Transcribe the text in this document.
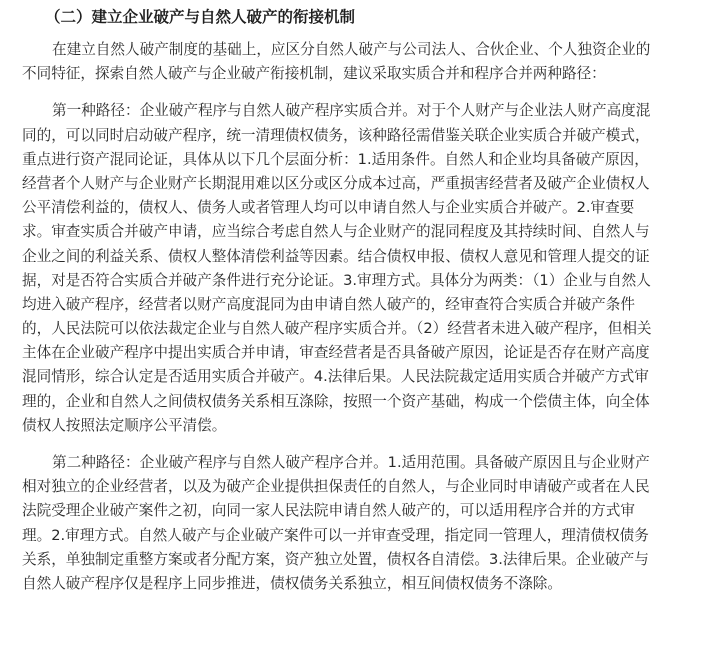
（二）建立企业破产与自然人破产的衔接机制
在建立自然人破产制度的基础上，应区分自然人破产与公司法人、合伙企业、个人独资企业的
不同特征，探索自然人破产与企业破产衔接机制，建议采取实质合并和程序合并两种路径：
第一种路径：企业破产程序与自然人破产程序实质合并。对于个人财产与企业法人财产高度混
同的，可以同时启动破产程序，统一清理债权债务，该种路径需借鉴关联企业实质合并破产模式，
重点进行资产混同论证，具体从以下几个层面分析：1.适用条件。自然人和企业均具备破产原因，
经营者个人财产与企业财产长期混用难以区分或区分成本过高，严重损害经营者及破产企业债权人
公平清偿利益的，债权人、债务人或者管理人均可以申请自然人与企业实质合并破产。2.审查要
求。审查实质合并破产申请，应当综合考虑自然人与企业财产的混同程度及其持续时间、自然人与
企业之间的利益关系、债权人整体清偿利益等因素。结合债权申报、债权人意见和管理人提交的证
据，对是否符合实质合并破产条件进行充分论证。3.审理方式。具体分为两类：（1）企业与自然人
均进入破产程序，经营者以财产高度混同为由申请自然人破产的，经审查符合实质合并破产条件
的，人民法院可以依法裁定企业与自然人破产程序实质合并。（2）经营者未进入破产程序，但相关
主体在企业破产程序中提出实质合并申请，审查经营者是否具备破产原因，论证是否存在财产高度
混同情形，综合认定是否适用实质合并破产。4.法律后果。人民法院裁定适用实质合并破产方式审
理的，企业和自然人之间债权债务关系相互涤除，按照一个资产基础，构成一个偿债主体，向全体
债权人按照法定顺序公平清偿。
第二种路径：企业破产程序与自然人破产程序合并。1.适用范围。具备破产原因且与企业财产
相对独立的企业经营者，以及为破产企业提供担保责任的自然人，与企业同时申请破产或者在人民
法院受理企业破产案件之初，向同一家人民法院申请自然人破产的，可以适用程序合并的方式审
理。2.审理方式。自然人破产与企业破产案件可以一并审查受理，指定同一管理人，理清债权债务
关系，单独制定重整方案或者分配方案，资产独立处置，债权各自清偿。3.法律后果。企业破产与
自然人破产程序仅是程序上同步推进，债权债务关系独立，相互间债权债务不涤除。
